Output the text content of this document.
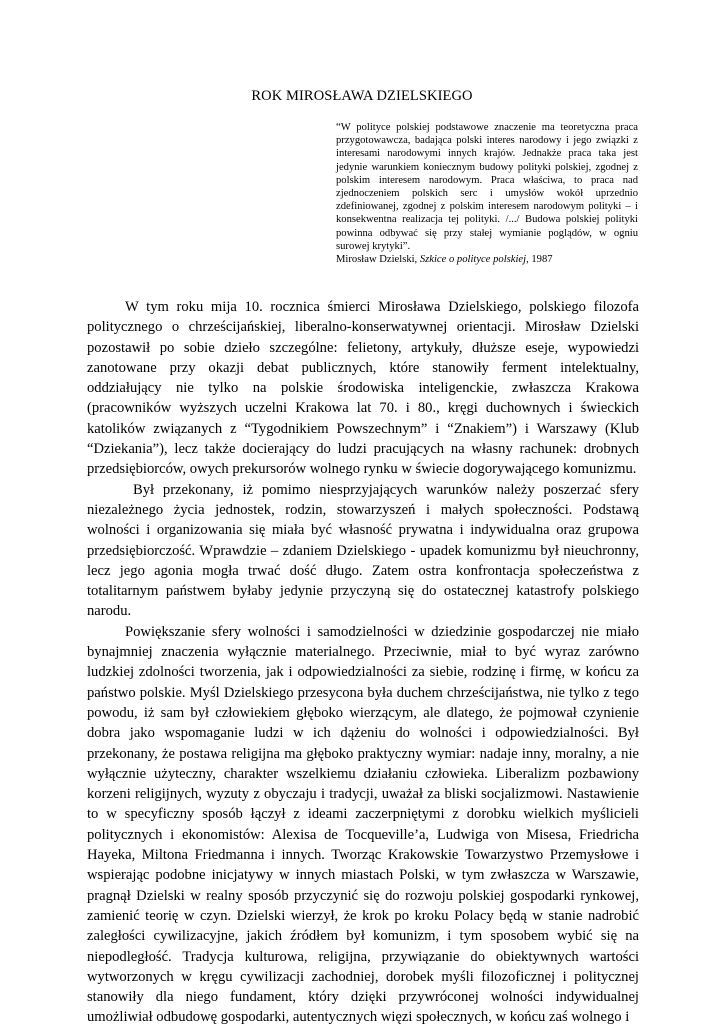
ROK MIROSŁAWA DZIELSKIEGO

“W polityce polskiej podstawowe znaczenie ma teoretyczna praca przygotowawcza, badająca polski interes narodowy i jego związki z interesami narodowymi innych krajów. Jednakże praca taka jest jedynie warunkiem koniecznym budowy polityki polskiej, zgodnej z polskim interesem narodowym. Praca właściwa, to praca nad zjednoczeniem polskich serc i umysłów wokół uprzednio zdefiniowanej, zgodnej z polskim interesem narodowym polityki – i konsekwentna realizacja tej polityki. /.../ Budowa polskiej polityki powinna odbywać się przy stałej wymianie poglądów, w ogniu surowej krytyki”.

Mirosław Dzielski, Szkice o polityce polskiej, 1987

W tym roku mija 10. rocznica śmierci Mirosława Dzielskiego, polskiego filozofa politycznego o chrześcijańskiej, liberalno-konserwatywnej orientacji. Mirosław Dzielski pozostawił po sobie dzieło szczególne: felietony, artykuły, dłuższe eseje, wypowiedzi zanotowane przy okazji debat publicznych, które stanowiły ferment intelektualny, oddziałujący nie tylko na polskie środowiska inteligenckie, zwłaszcza Krakowa (pracowników wyższych uczelni Krakowa lat 70. i 80., kręgi duchownych i świeckich katolików związanych z “Tygodnikiem Powszechnym” i “Znakiem”) i Warszawy (Klub “Dziekania”), lecz także docierający do ludzi pracujących na własny rachunek: drobnych przedsiębiorców, owych prekursorów wolnego rynku w świecie dogorywającego komunizmu.

Był przekonany, iż pomimo niesprzyjających warunków należy poszerzać sfery niezależnego życia jednostek, rodzin, stowarzyszeń i małych społeczności. Podstawą wolności i organizowania się miała być własność prywatna i indywidualna oraz grupowa przedsiębiorczość. Wprawdzie – zdaniem Dzielskiego - upadek komunizmu był nieuchronny, lecz jego agonia mogła trwać dość długo. Zatem ostra konfrontacja społeczeństwa z totalitarnym państwem byłaby jedynie przyczyną się do ostatecznej katastrofy polskiego narodu.

Powiększanie sfery wolności i samodzielności w dziedzinie gospodarczej nie miało bynajmniej znaczenia wyłącznie materialnego. Przeciwnie, miał to być wyraz zarówno ludzkiej zdolności tworzenia, jak i odpowiedzialności za siebie, rodzinę i firmę, w końcu za państwo polskie. Myśl Dzielskiego przesycona była duchem chrześcijaństwa, nie tylko z tego powodu, iż sam był człowiekiem głęboko wierzącym, ale dlatego, że pojmował czynienie dobra jako wspomaganie ludzi w ich dążeniu do wolności i odpowiedzialności. Był przekonany, że postawa religijna ma głęboko praktyczny wymiar: nadaje inny, moralny, a nie wyłącznie użyteczny, charakter wszelkiemu działaniu człowieka. Liberalizm pozbawiony korzeni religijnych, wyzuty z obyczaju i tradycji, uważał za bliski socjalizmowi. Nastawienie to w specyficzny sposób łączył z ideami zaczerpniętymi z dorobku wielkich myślicieli politycznych i ekonomistów: Alexisa de Tocqueville’a, Ludwiga von Misesa, Friedricha Hayeka, Miltona Friedmanna i innych. Tworząc Krakowskie Towarzystwo Przemysłowe i wspierając podobne inicjatywy w innych miastach Polski, w tym zwłaszcza w Warszawie, pragnął Dzielski w realny sposób przyczynić się do rozwoju polskiej gospodarki rynkowej, zamienić teorię w czyn. Dzielski wierzył, że krok po kroku Polacy będą w stanie nadrobić zaległości cywilizacyjne, jakich źródłem był komunizm, i tym sposobem wybić się na niepodległość. Tradycja kulturowa, religijna, przywiązanie do obiektywnych wartości wytworzonych w kręgu cywilizacji zachodniej, dorobek myśli filozoficznej i politycznej stanowiły dla niego fundament, który dzięki przywróconej wolności indywidualnej umożliwiał odbudowę gospodarki, autentycznych więzi społecznych, w końcu zaś wolnego i
